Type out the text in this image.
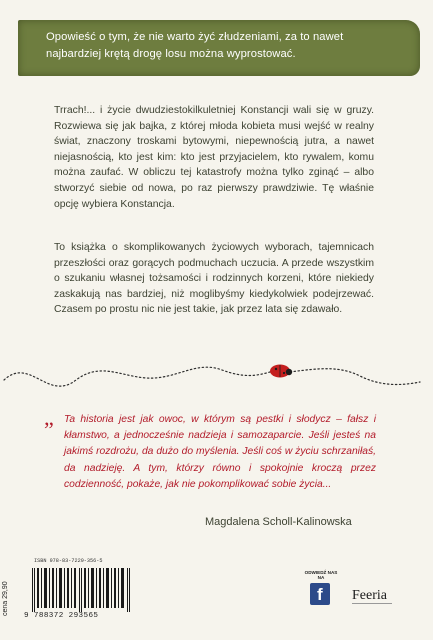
Opowieść o tym, że nie warto żyć złudzeniami, za to nawet najbardziej krętą drogę losu można wyprostować.
Trrach!... i życie dwudziestokilkuletniej Konstancji wali się w gruzy. Rozwiewa się jak bajka, z której młoda kobieta musi wejść w realny świat, znaczony troskami bytowymi, niepewnością jutra, a nawet niejasnością, kto jest kim: kto jest przyjacielem, kto rywalem, komu można zaufać. W obliczu tej katastrofy można tylko zginąć – albo stworzyć siebie od nowa, po raz pierwszy prawdziwie. Tę właśnie opcję wybiera Konstancja.
To książka o skomplikowanych życiowych wyborach, tajemnicach przeszłości oraz gorących podmuchach uczucia. A przede wszystkim o szukaniu własnej tożsamości i rodzinnych korzeni, które niekiedy zaskakują nas bardziej, niż moglibyśmy kiedykolwiek podejrzewać. Czasem po prostu nic nie jest takie, jak przez lata się zdawało.
„ Ta historia jest jak owoc, w którym są pestki i słodycz – fałsz i kłamstwo, a jednocześnie nadzieja i samozaparcie. Jeśli jesteś na jakimś rozdrożu, da dużo do myślenia. Jeśli coś w życiu schrzaniłaś, da nadzieję. A tym, którzy równo i spokojnie kroczą przez codzienność, pokaże, jak nie pokomplikować sobie życia...
Magdalena Scholl-Kalinowska
ISBN 978-83-7229-356-5
cena 29,90	9 788372 293565
ODWIEDŹ NAS NA
f Feeria
